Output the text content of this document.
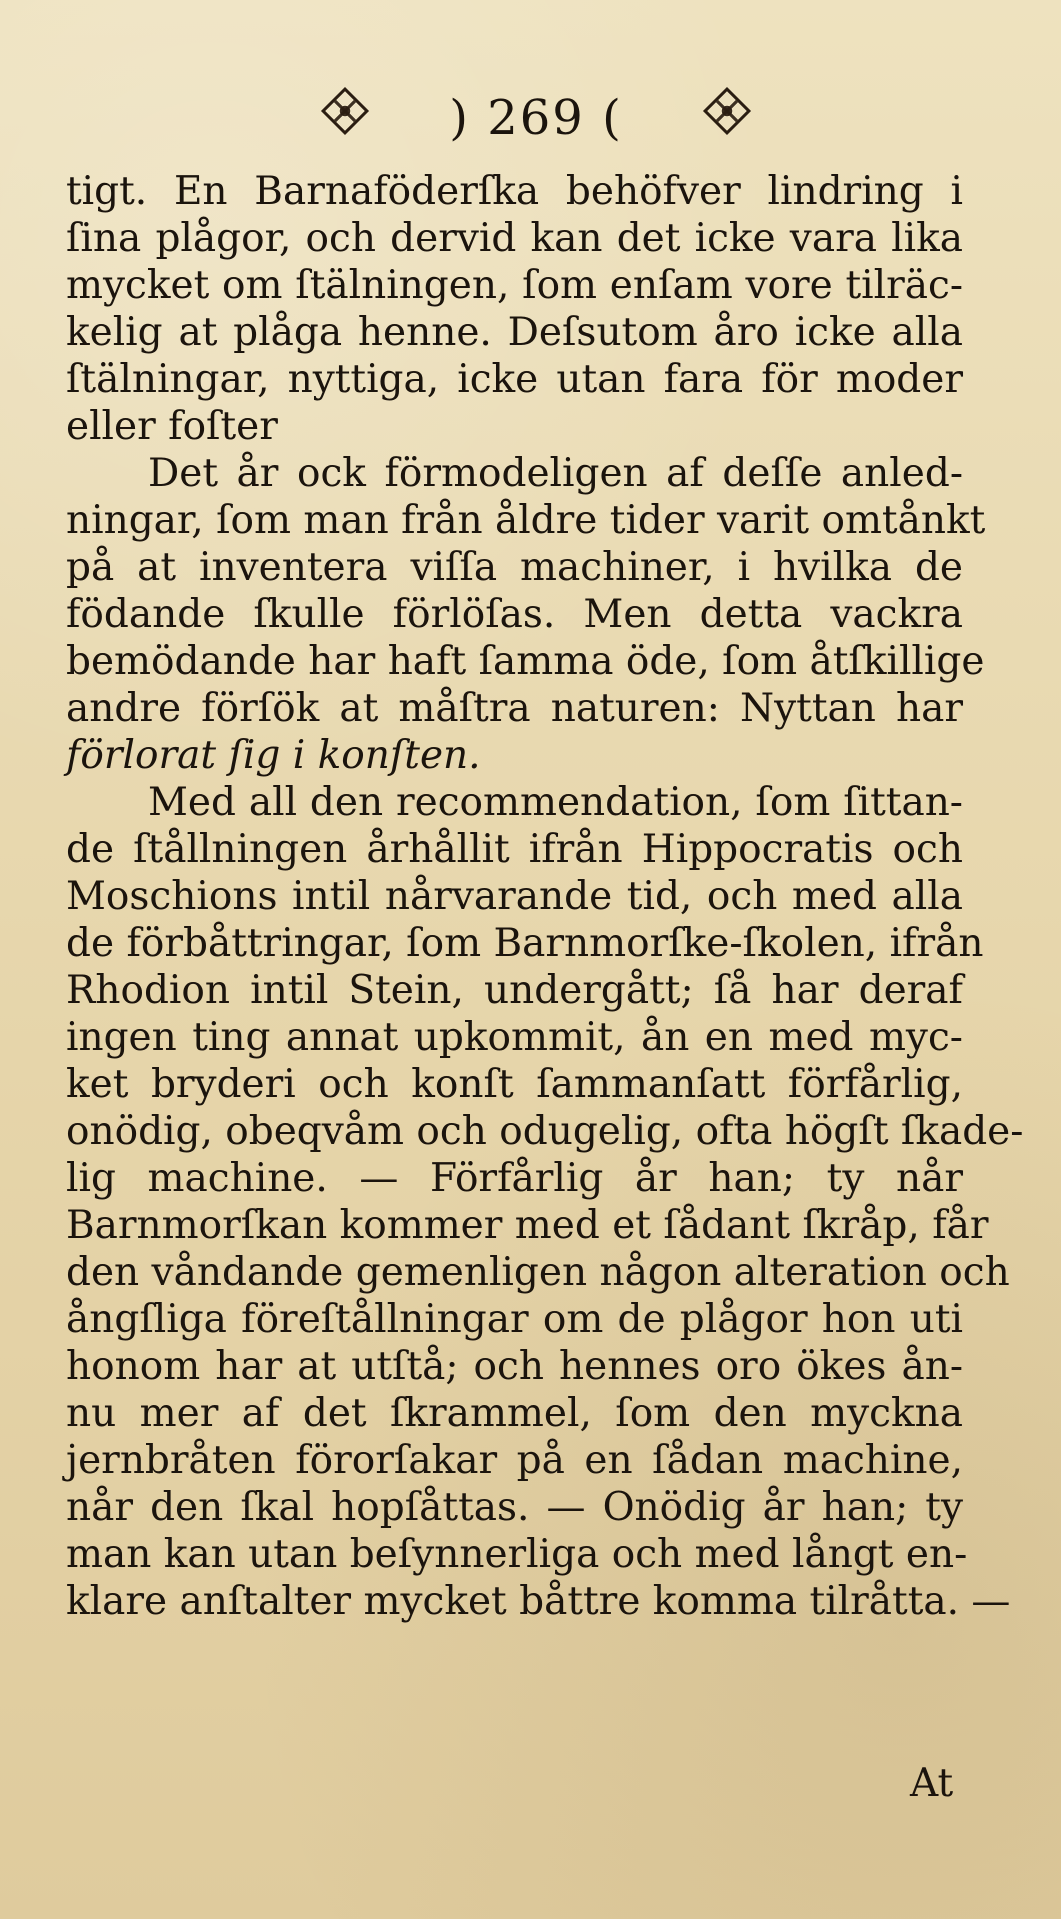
) 269 (
tigt. En Barnaföderſka behöfver lindring i
ſina plågor, och dervid kan det icke vara lika
mycket om ſtälningen, ſom enſam vore tilräc-
kelig at plåga henne. Deſsutom åro icke alla
ſtälningar, nyttiga, icke utan fara för moder
eller foſter
Det år ock förmodeligen af deſſe anled-
ningar, ſom man från åldre tider varit omtånkt
på at inventera viſſa machiner, i hvilka de
födande ſkulle förlöſas. Men detta vackra
bemödande har haft ſamma öde, ſom åtſkillige
andre förſök at måſtra naturen: Nyttan har
förlorat ſig i konſten.
Med all den recommendation, ſom ſittan-
de ſtållningen århållit ifrån Hippocratis och
Moschions intil nårvarande tid, och med alla
de förbåttringar, ſom Barnmorſke-ſkolen, ifrån
Rhodion intil Stein, undergått; ſå har deraf
ingen ting annat upkommit, ån en med myc-
ket bryderi och konſt ſammanſatt förfårlig,
onödig, obeqvåm och odugelig, ofta högſt ſkade-
lig machine. — Förfårlig år han; ty når
Barnmorſkan kommer med et ſådant ſkråp, får
den våndande gemenligen någon alteration och
ångſliga föreſtållningar om de plågor hon uti
honom har at utſtå; och hennes oro ökes ån-
nu mer af det ſkrammel, ſom den myckna
jernbråten förorſakar på en ſådan machine,
når den ſkal hopſåttas. — Onödig år han; ty
man kan utan beſynnerliga och med långt en-
klare anſtalter mycket båttre komma tilråtta. —
At
